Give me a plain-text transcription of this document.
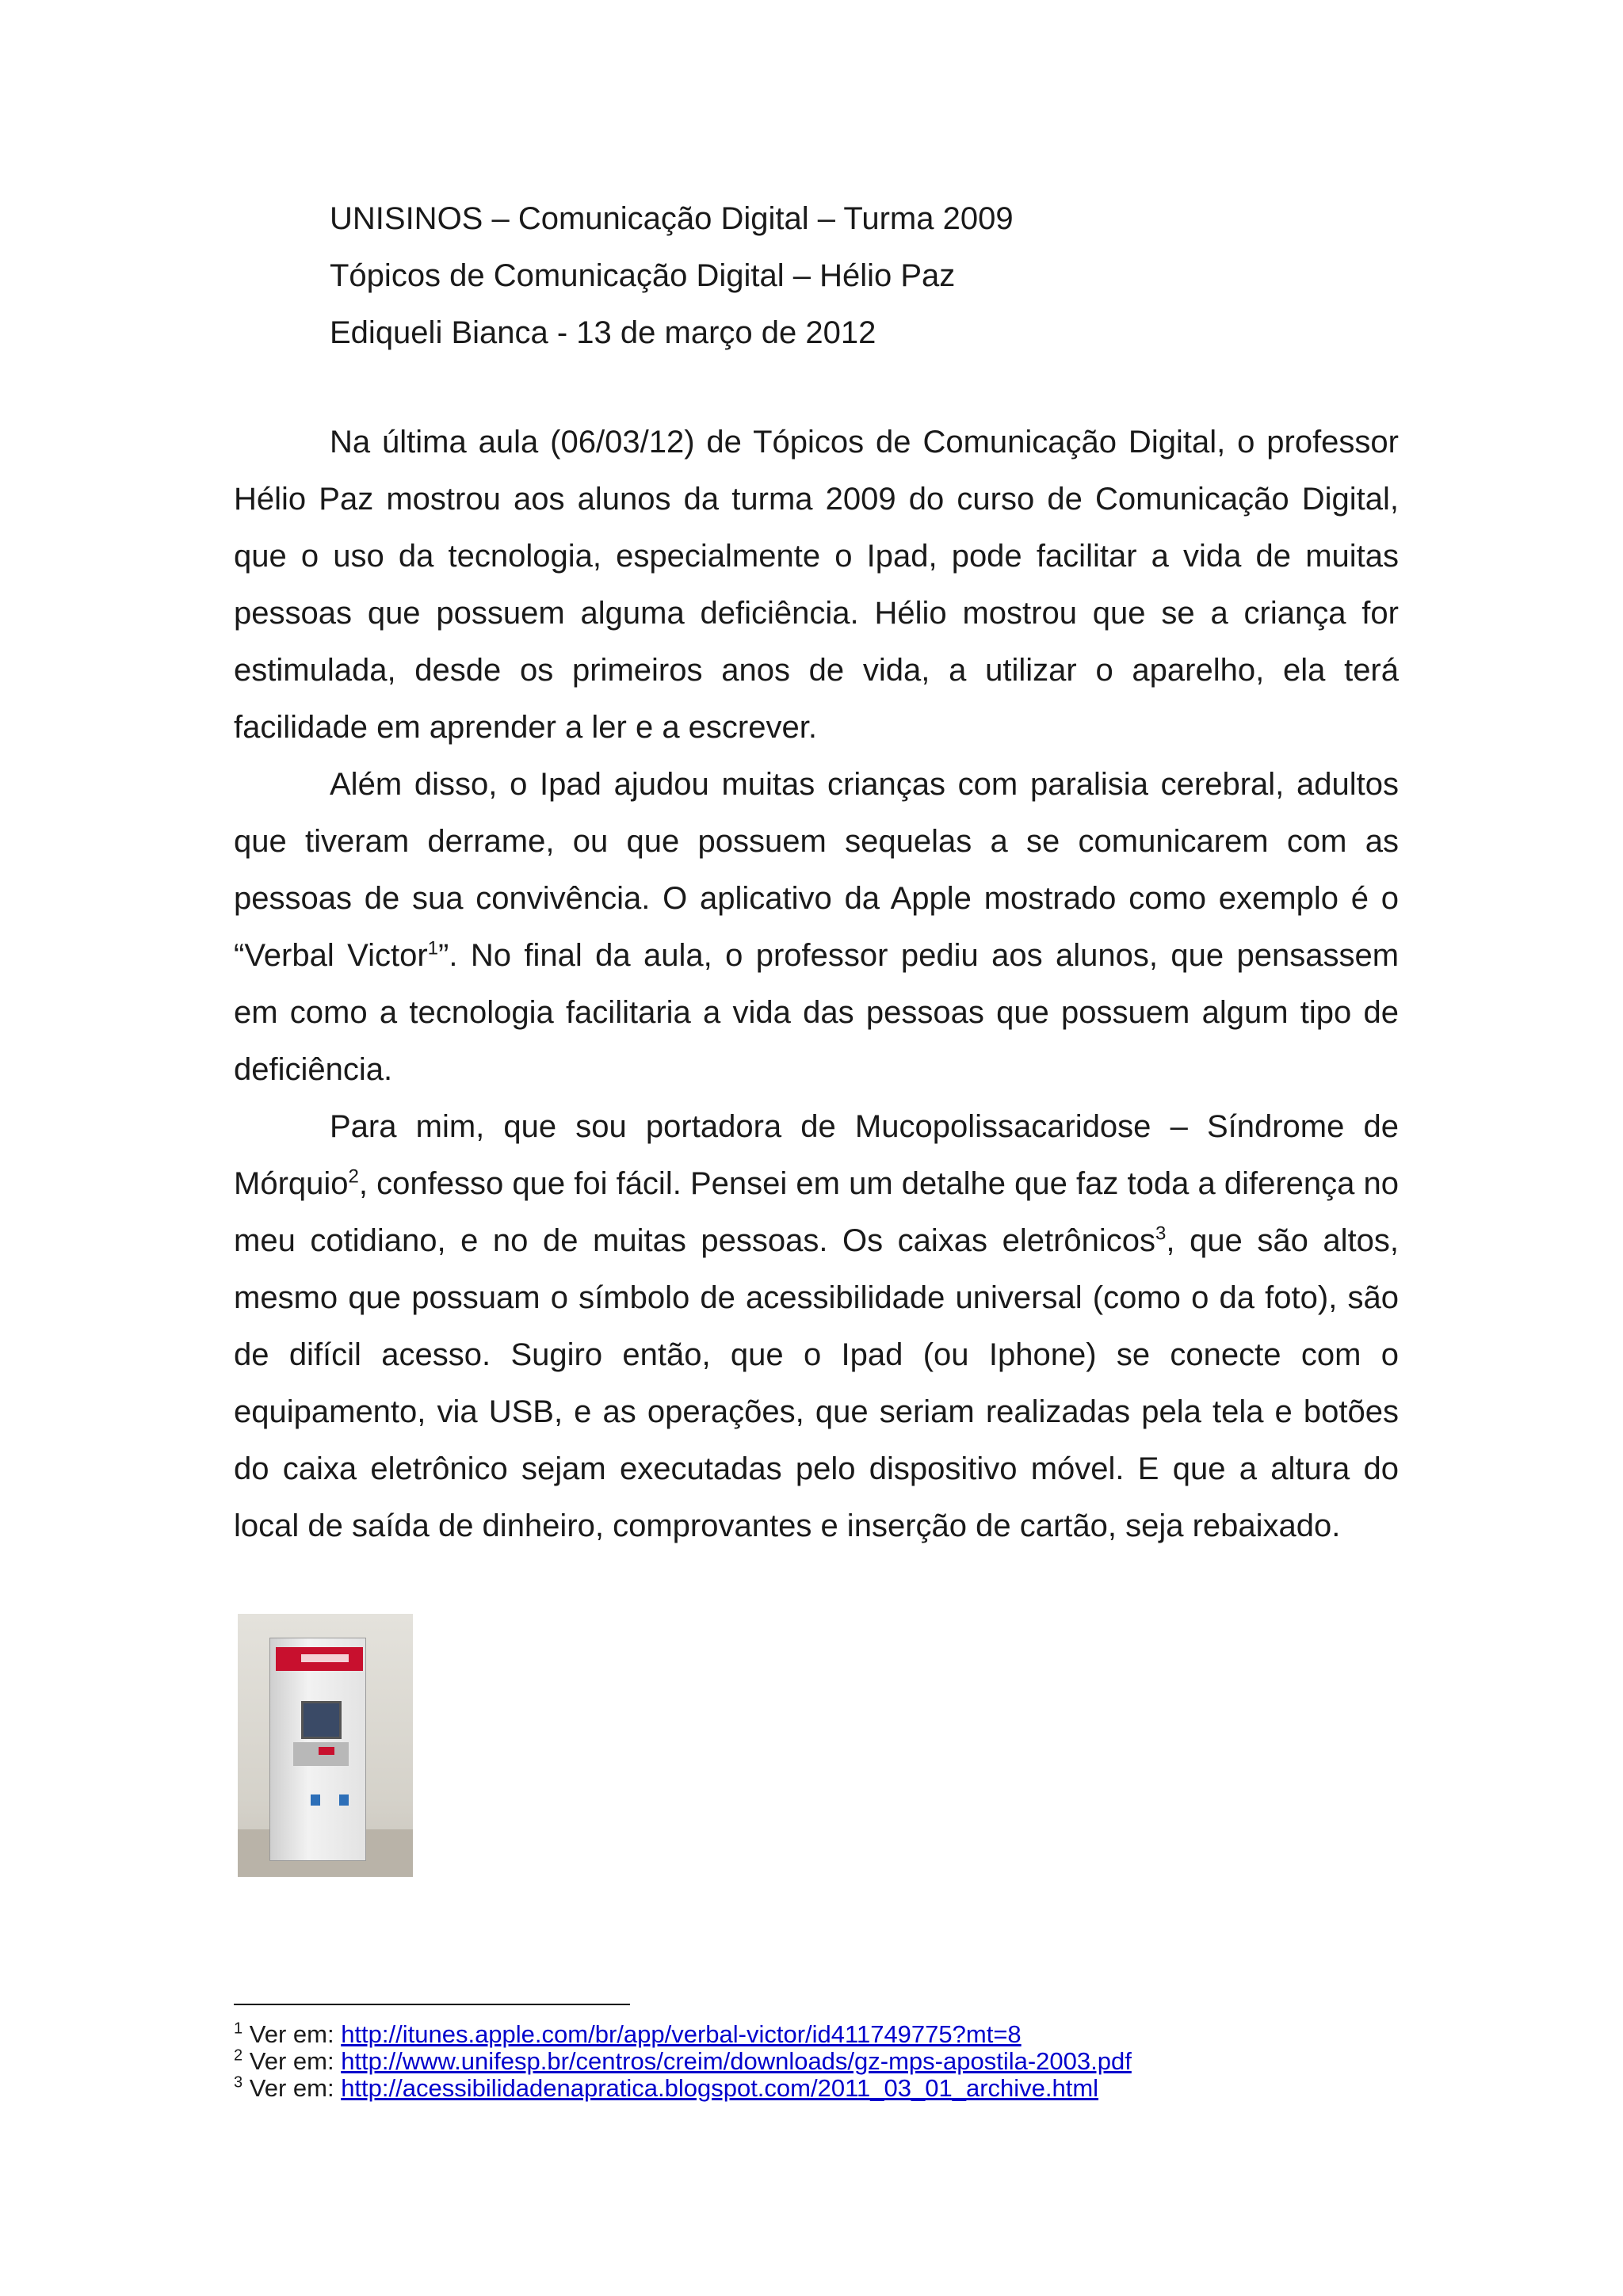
UNISINOS – Comunicação Digital – Turma 2009
Tópicos de Comunicação Digital – Hélio Paz
Ediqueli Bianca - 13 de março de 2012

Na última aula (06/03/12) de Tópicos de Comunicação Digital, o professor Hélio Paz mostrou aos alunos da turma 2009 do curso de Comunicação Digital, que o uso da tecnologia, especialmente o Ipad, pode facilitar a vida de muitas pessoas que possuem alguma deficiência. Hélio mostrou que se a criança for estimulada, desde os primeiros anos de vida, a utilizar o aparelho, ela terá facilidade em aprender a ler e a escrever.

Além disso, o Ipad ajudou muitas crianças com paralisia cerebral, adultos que tiveram derrame, ou que possuem sequelas a se comunicarem com as pessoas de sua convivência. O aplicativo da Apple mostrado como exemplo é o “Verbal Victor$^1$”. No final da aula, o professor pediu aos alunos, que pensassem em como a tecnologia facilitaria a vida das pessoas que possuem algum tipo de deficiência.

Para mim, que sou portadora de Mucopolissacaridose – Síndrome de Mórquio$^2$, confesso que foi fácil. Pensei em um detalhe que faz toda a diferença no meu cotidiano, e no de muitas pessoas. Os caixas eletrônicos$^3$, que são altos, mesmo que possuam o símbolo de acessibilidade universal (como o da foto), são de difícil acesso. Sugiro então, que o Ipad (ou Iphone) se conecte com o equipamento, via USB, e as operações, que seriam realizadas pela tela e botões do caixa eletrônico sejam executadas pelo dispositivo móvel. E que a altura do local de saída de dinheiro, comprovantes e inserção de cartão, seja rebaixado.

$^1$ Ver em: http://itunes.apple.com/br/app/verbal-victor/id411749775?mt=8
$^2$ Ver em: http://www.unifesp.br/centros/creim/downloads/gz-mps-apostila-2003.pdf
$^3$ Ver em: http://acessibilidadenapratica.blogspot.com/2011_03_01_archive.html
